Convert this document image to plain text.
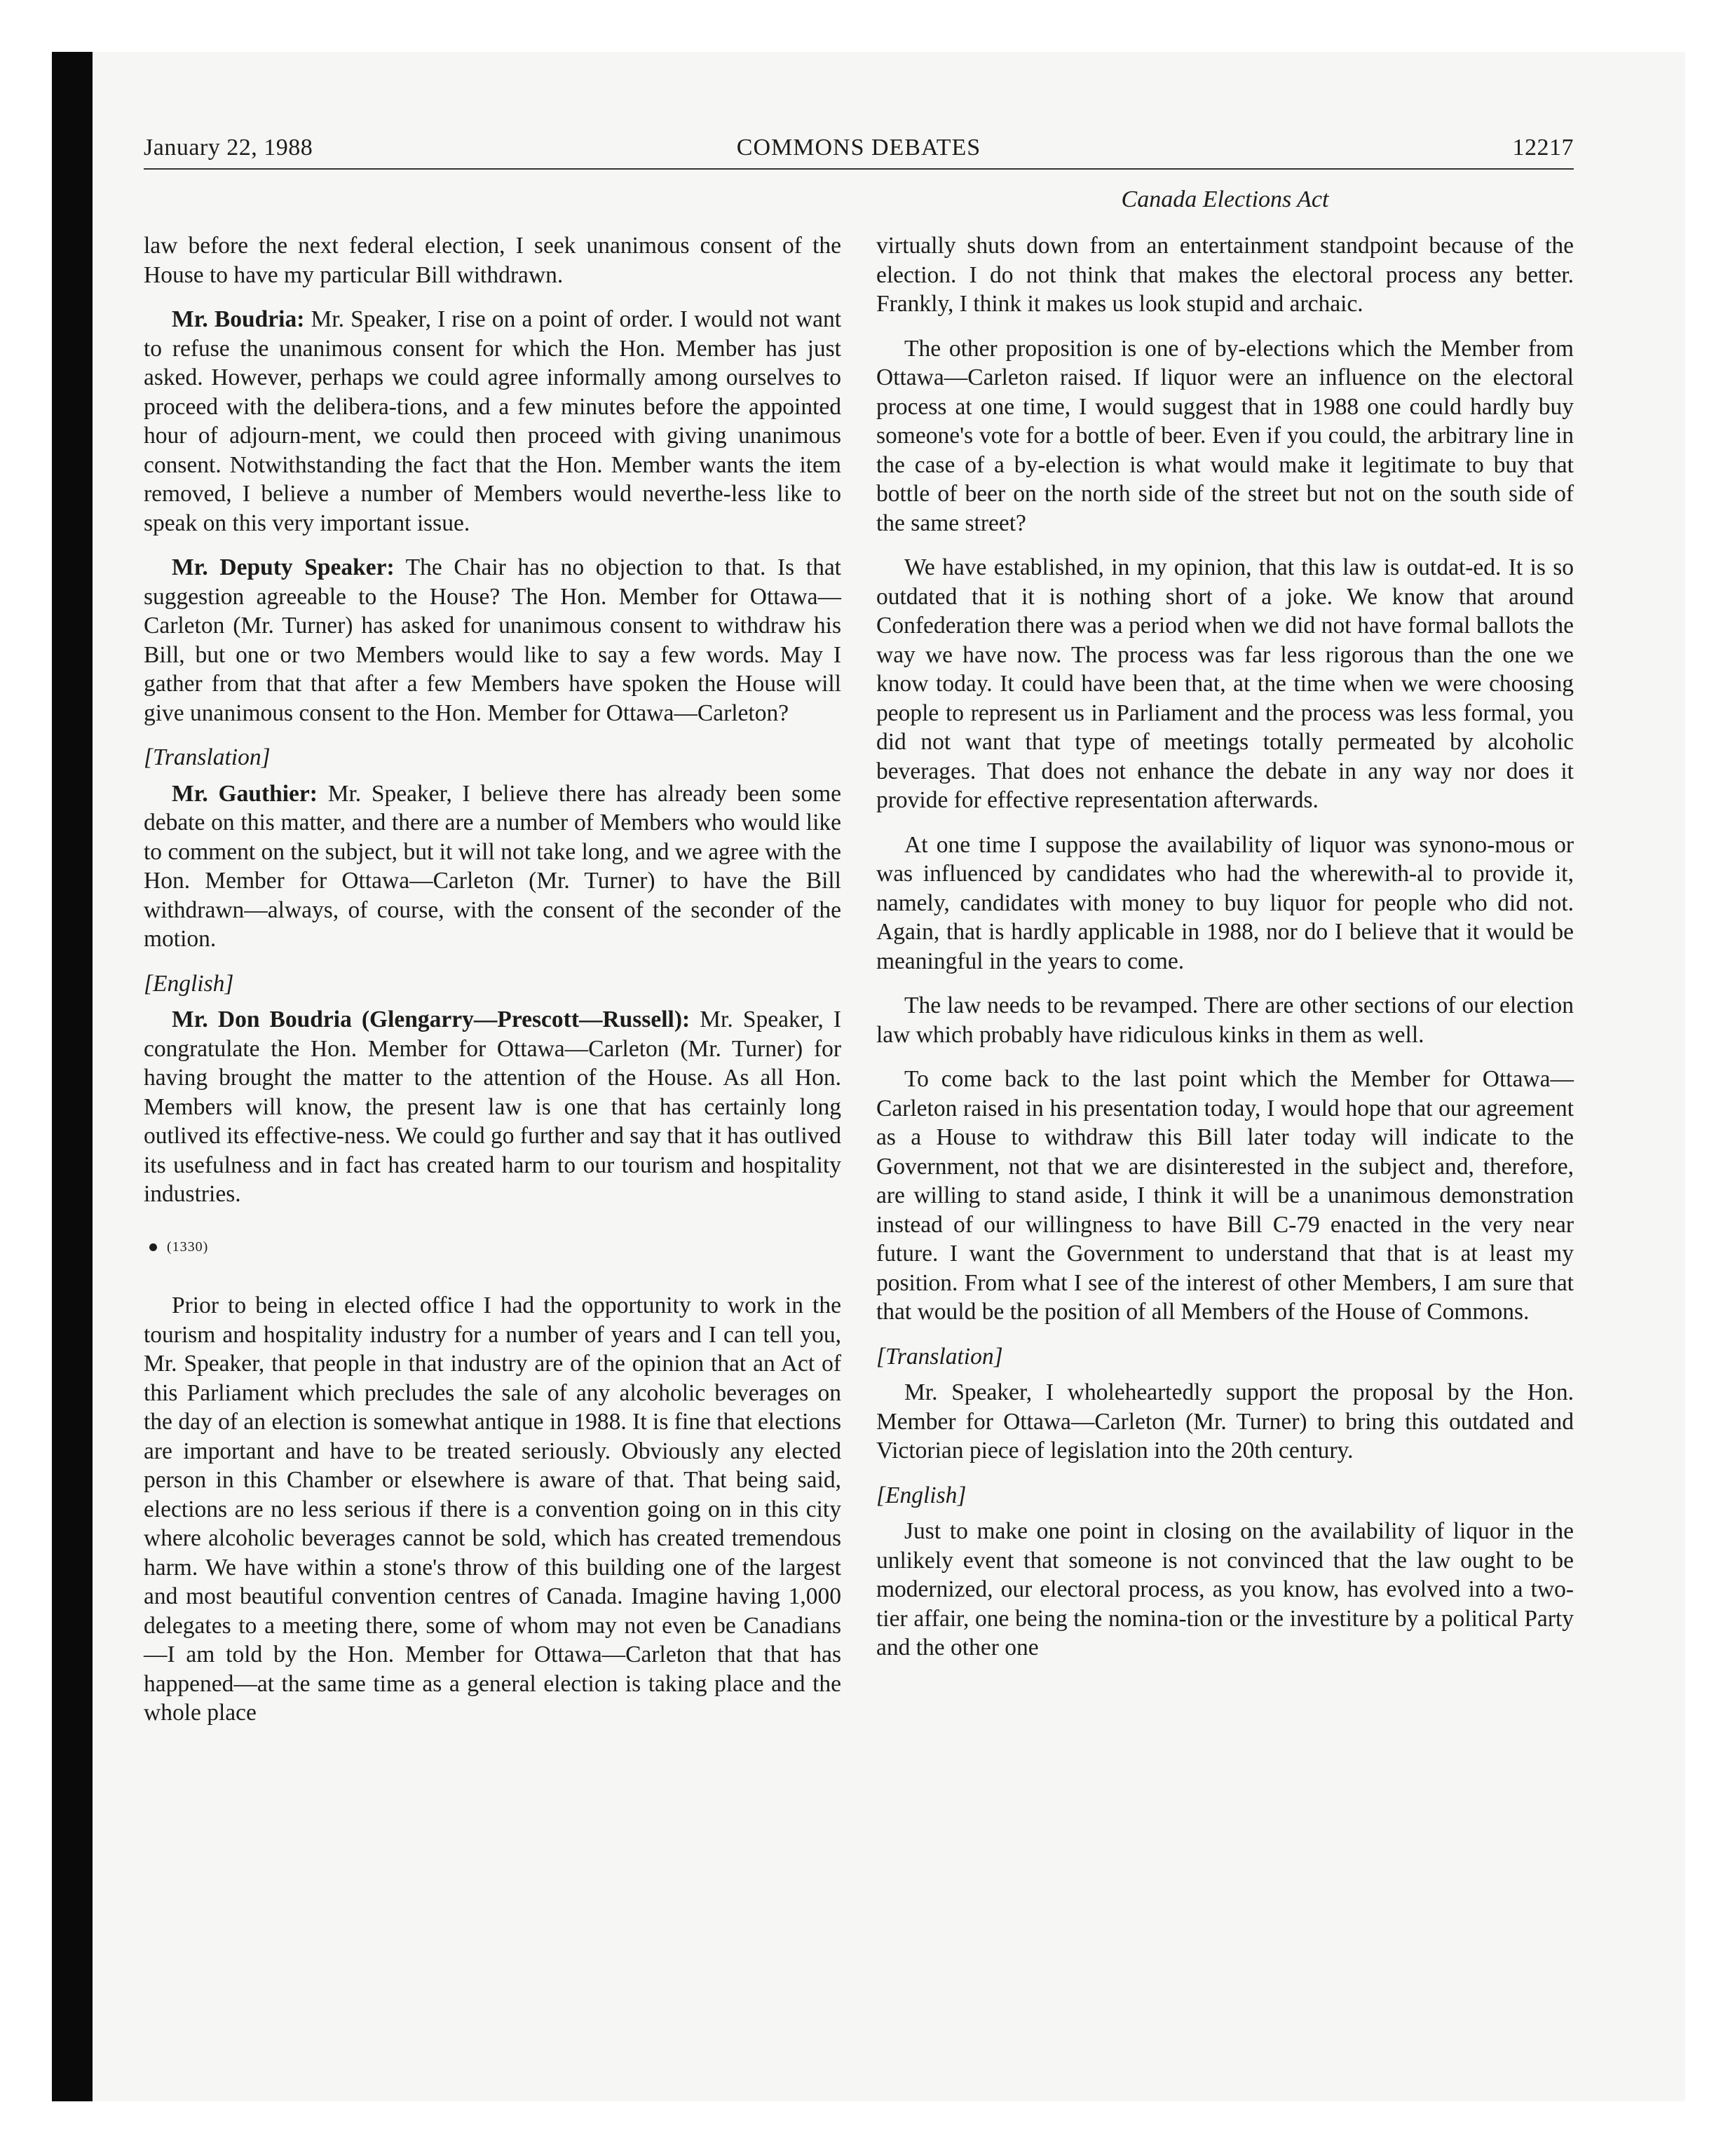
January 22, 1988	COMMONS DEBATES	12217
Canada Elections Act

law before the next federal election, I seek unanimous consent of the House to have my particular Bill withdrawn.

Mr. Boudria: Mr. Speaker, I rise on a point of order. I would not want to refuse the unanimous consent for which the Hon. Member has just asked. However, perhaps we could agree informally among ourselves to proceed with the delibera-tions, and a few minutes before the appointed hour of adjourn-ment, we could then proceed with giving unanimous consent. Notwithstanding the fact that the Hon. Member wants the item removed, I believe a number of Members would neverthe-less like to speak on this very important issue.

Mr. Deputy Speaker: The Chair has no objection to that. Is that suggestion agreeable to the House? The Hon. Member for Ottawa—Carleton (Mr. Turner) has asked for unanimous consent to withdraw his Bill, but one or two Members would like to say a few words. May I gather from that that after a few Members have spoken the House will give unanimous consent to the Hon. Member for Ottawa—Carleton?

[Translation]

Mr. Gauthier: Mr. Speaker, I believe there has already been some debate on this matter, and there are a number of Members who would like to comment on the subject, but it will not take long, and we agree with the Hon. Member for Ottawa—Carleton (Mr. Turner) to have the Bill withdrawn—always, of course, with the consent of the seconder of the motion.

[English]

Mr. Don Boudria (Glengarry—Prescott—Russell): Mr. Speaker, I congratulate the Hon. Member for Ottawa—Carleton (Mr. Turner) for having brought the matter to the attention of the House. As all Hon. Members will know, the present law is one that has certainly long outlived its effective-ness. We could go further and say that it has outlived its usefulness and in fact has created harm to our tourism and hospitality industries.

(1330)

Prior to being in elected office I had the opportunity to work in the tourism and hospitality industry for a number of years and I can tell you, Mr. Speaker, that people in that industry are of the opinion that an Act of this Parliament which precludes the sale of any alcoholic beverages on the day of an election is somewhat antique in 1988. It is fine that elections are important and have to be treated seriously. Obviously any elected person in this Chamber or elsewhere is aware of that. That being said, elections are no less serious if there is a convention going on in this city where alcoholic beverages cannot be sold, which has created tremendous harm. We have within a stone's throw of this building one of the largest and most beautiful convention centres of Canada. Imagine having 1,000 delegates to a meeting there, some of whom may not even be Canadians—I am told by the Hon. Member for Ottawa—Carleton that that has happened—at the same time as a general election is taking place and the whole place

virtually shuts down from an entertainment standpoint because of the election. I do not think that makes the electoral process any better. Frankly, I think it makes us look stupid and archaic.

The other proposition is one of by-elections which the Member from Ottawa—Carleton raised. If liquor were an influence on the electoral process at one time, I would suggest that in 1988 one could hardly buy someone's vote for a bottle of beer. Even if you could, the arbitrary line in the case of a by-election is what would make it legitimate to buy that bottle of beer on the north side of the street but not on the south side of the same street?

We have established, in my opinion, that this law is outdat-ed. It is so outdated that it is nothing short of a joke. We know that around Confederation there was a period when we did not have formal ballots the way we have now. The process was far less rigorous than the one we know today. It could have been that, at the time when we were choosing people to represent us in Parliament and the process was less formal, you did not want that type of meetings totally permeated by alcoholic beverages. That does not enhance the debate in any way nor does it provide for effective representation afterwards.

At one time I suppose the availability of liquor was synono-mous or was influenced by candidates who had the wherewith-al to provide it, namely, candidates with money to buy liquor for people who did not. Again, that is hardly applicable in 1988, nor do I believe that it would be meaningful in the years to come.

The law needs to be revamped. There are other sections of our election law which probably have ridiculous kinks in them as well.

To come back to the last point which the Member for Ottawa—Carleton raised in his presentation today, I would hope that our agreement as a House to withdraw this Bill later today will indicate to the Government, not that we are disinterested in the subject and, therefore, are willing to stand aside, I think it will be a unanimous demonstration instead of our willingness to have Bill C-79 enacted in the very near future. I want the Government to understand that that is at least my position. From what I see of the interest of other Members, I am sure that that would be the position of all Members of the House of Commons.

[Translation]

Mr. Speaker, I wholeheartedly support the proposal by the Hon. Member for Ottawa—Carleton (Mr. Turner) to bring this outdated and Victorian piece of legislation into the 20th century.

[English]

Just to make one point in closing on the availability of liquor in the unlikely event that someone is not convinced that the law ought to be modernized, our electoral process, as you know, has evolved into a two-tier affair, one being the nomina-tion or the investiture by a political Party and the other one
